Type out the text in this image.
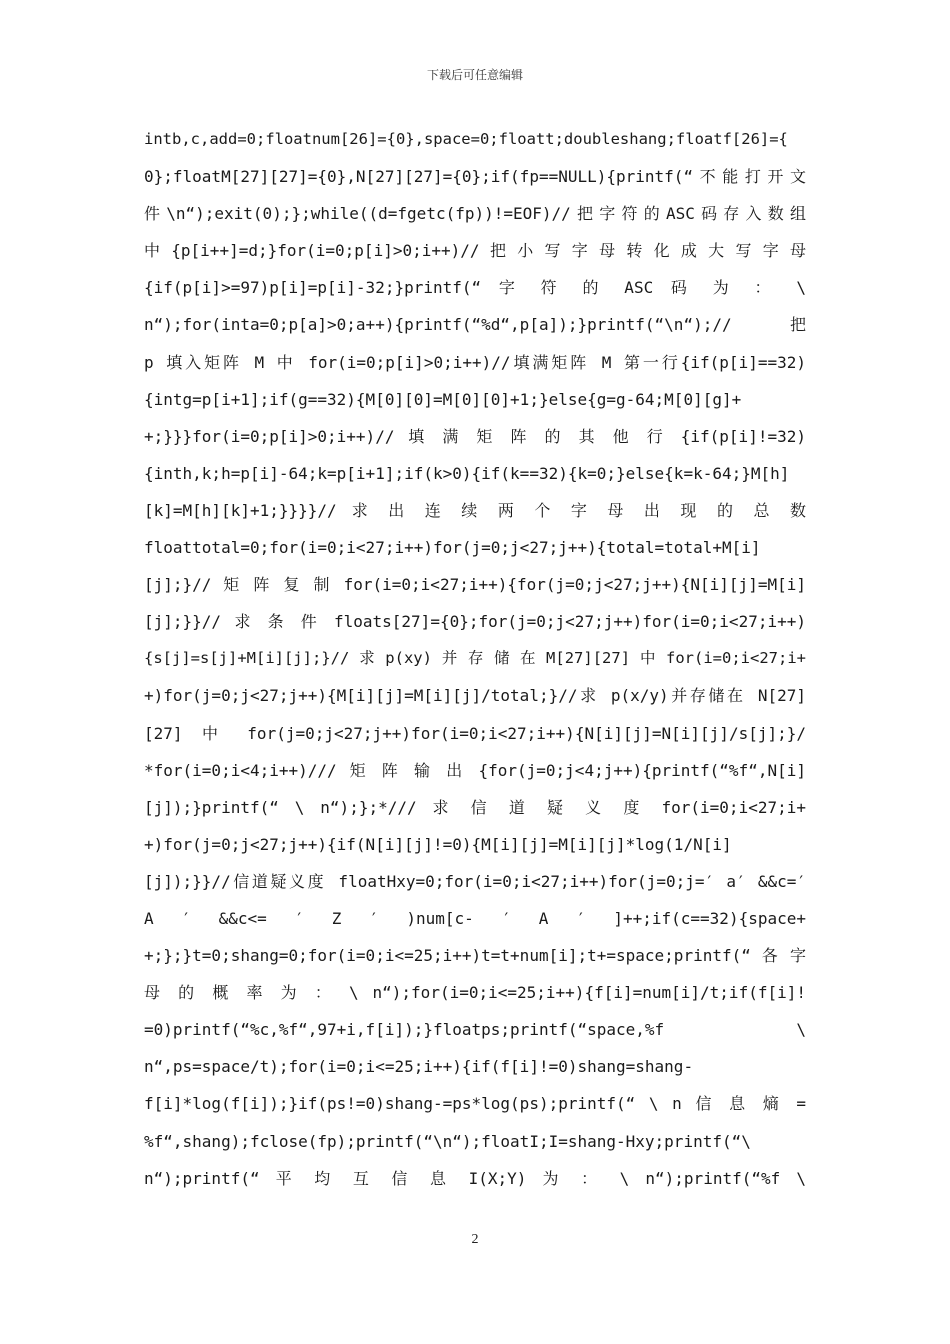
下载后可任意编辑
intb,c,add=0;floatnum[26]={0},space=0;floatt;doubleshang;floatf[26]={
0};floatM[27][27]={0},N[27][27]={0};if(fp==NULL){printf(“不能打开文
件\n“);exit(0);};while((d=fgetc(fp))!=EOF)//把字符的ASC码存入数组
中 {p[i++]=d;}for(i=0;p[i]>0;i++)// 把 小 写 字 母 转 化 成 大 写 字 母
{if(p[i]>=97)p[i]=p[i]-32;}printf(“ 字 符 的 ASC 码 为 ： \
n“);for(inta=0;p[a]>0;a++){printf(“%d“,p[a]);}printf(“\n“);//把
p 填入矩阵 M 中 for(i=0;p[i]>0;i++)//填满矩阵 M 第一行{if(p[i]==32)
{intg=p[i+1];if(g==32){M[0][0]=M[0][0]+1;}else{g=g-64;M[0][g]+
+;}}}for(i=0;p[i]>0;i++)// 填 满 矩 阵 的 其 他 行 {if(p[i]!=32)
{inth,k;h=p[i]-64;k=p[i+1];if(k>0){if(k==32){k=0;}else{k=k-64;}M[h]
[k]=M[h][k]+1;}}}}// 求 出 连 续 两 个 字 母 出 现 的 总 数
floattotal=0;for(i=0;i<27;i++)for(j=0;j<27;j++){total=total+M[i]
[j];}// 矩 阵 复 制 for(i=0;i<27;i++){for(j=0;j<27;j++){N[i][j]=M[i]
[j];}}// 求 条 件 floats[27]={0};for(j=0;j<27;j++)for(i=0;i<27;i++)
{s[j]=s[j]+M[i][j];}// 求 p(xy) 并 存 储 在 M[27][27] 中 for(i=0;i<27;i+
+)for(j=0;j<27;j++){M[i][j]=M[i][j]/total;}//求 p(x/y)并存储在 N[27]
[27] 中 for(j=0;j<27;j++)for(i=0;i<27;i++){N[i][j]=N[i][j]/s[j];}/
*for(i=0;i<4;i++)/// 矩 阵 输 出 {for(j=0;j<4;j++){printf(“%f“,N[i]
[j]);}printf(“ \ n“);};*/// 求 信 道 疑 义 度 for(i=0;i<27;i+
+)for(j=0;j<27;j++){if(N[i][j]!=0){M[i][j]=M[i][j]*log(1/N[i]
[j]);}}//信道疑义度 floatHxy=0;for(i=0;i<27;i++)for(j=0;j=′ a′ &&c=′
A ′ &&c<= ′ Z ′ )num[c- ′ A ′ ]++;if(c==32){space+
+;};}t=0;shang=0;for(i=0;i<=25;i++)t=t+num[i];t+=space;printf(“ 各 字
母 的 概 率 为 ： \ n“);for(i=0;i<=25;i++){f[i]=num[i]/t;if(f[i]!
=0)printf(“%c,%f“,97+i,f[i]);}floatps;printf(“space,%f \
n“,ps=space/t);for(i=0;i<=25;i++){if(f[i]!=0)shang=shang-
f[i]*log(f[i]);}if(ps!=0)shang-=ps*log(ps);printf(“ \ n 信 息 熵 =
%f“,shang);fclose(fp);printf(“\n“);floatI;I=shang-Hxy;printf(“\
n“);printf(“ 平 均 互 信 息 I(X;Y) 为 ： \ n“);printf(“%f \
2
